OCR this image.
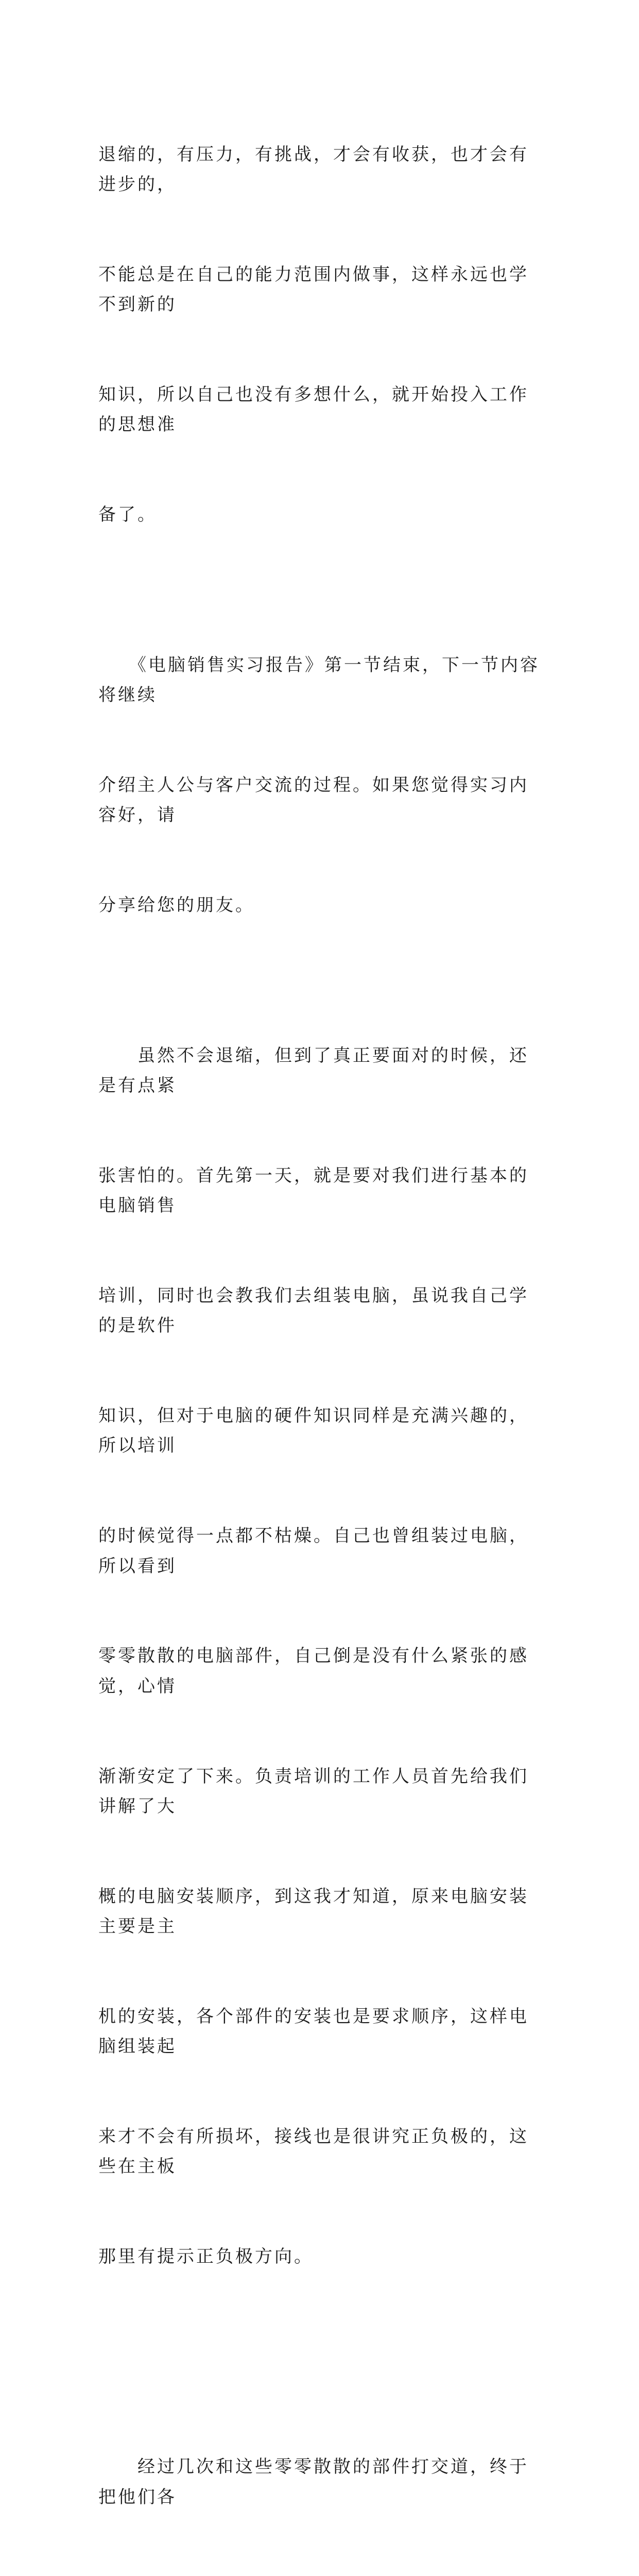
退缩的，有压力，有挑战，才会有收获，也才会有进步的，

不能总是在自己的能力范围内做事，这样永远也学不到新的

知识，所以自己也没有多想什么，就开始投入工作的思想准

备了。

　　《电脑销售实习报告》第一节结束，下一节内容将继续

介绍主人公与客户交流的过程。如果您觉得实习内容好，请

分享给您的朋友。

　　虽然不会退缩，但到了真正要面对的时候，还是有点紧

张害怕的。首先第一天，就是要对我们进行基本的电脑销售

培训，同时也会教我们去组装电脑，虽说我自己学的是软件

知识，但对于电脑的硬件知识同样是充满兴趣的，所以培训

的时候觉得一点都不枯燥。自己也曾组装过电脑，所以看到

零零散散的电脑部件，自己倒是没有什么紧张的感觉，心情

渐渐安定了下来。负责培训的工作人员首先给我们讲解了大

概的电脑安装顺序，到这我才知道，原来电脑安装主要是主

机的安装，各个部件的安装也是要求顺序，这样电脑组装起

来才不会有所损坏，接线也是很讲究正负极的，这些在主板

那里有提示正负极方向。

　　经过几次和这些零零散散的部件打交道，终于把他们各
